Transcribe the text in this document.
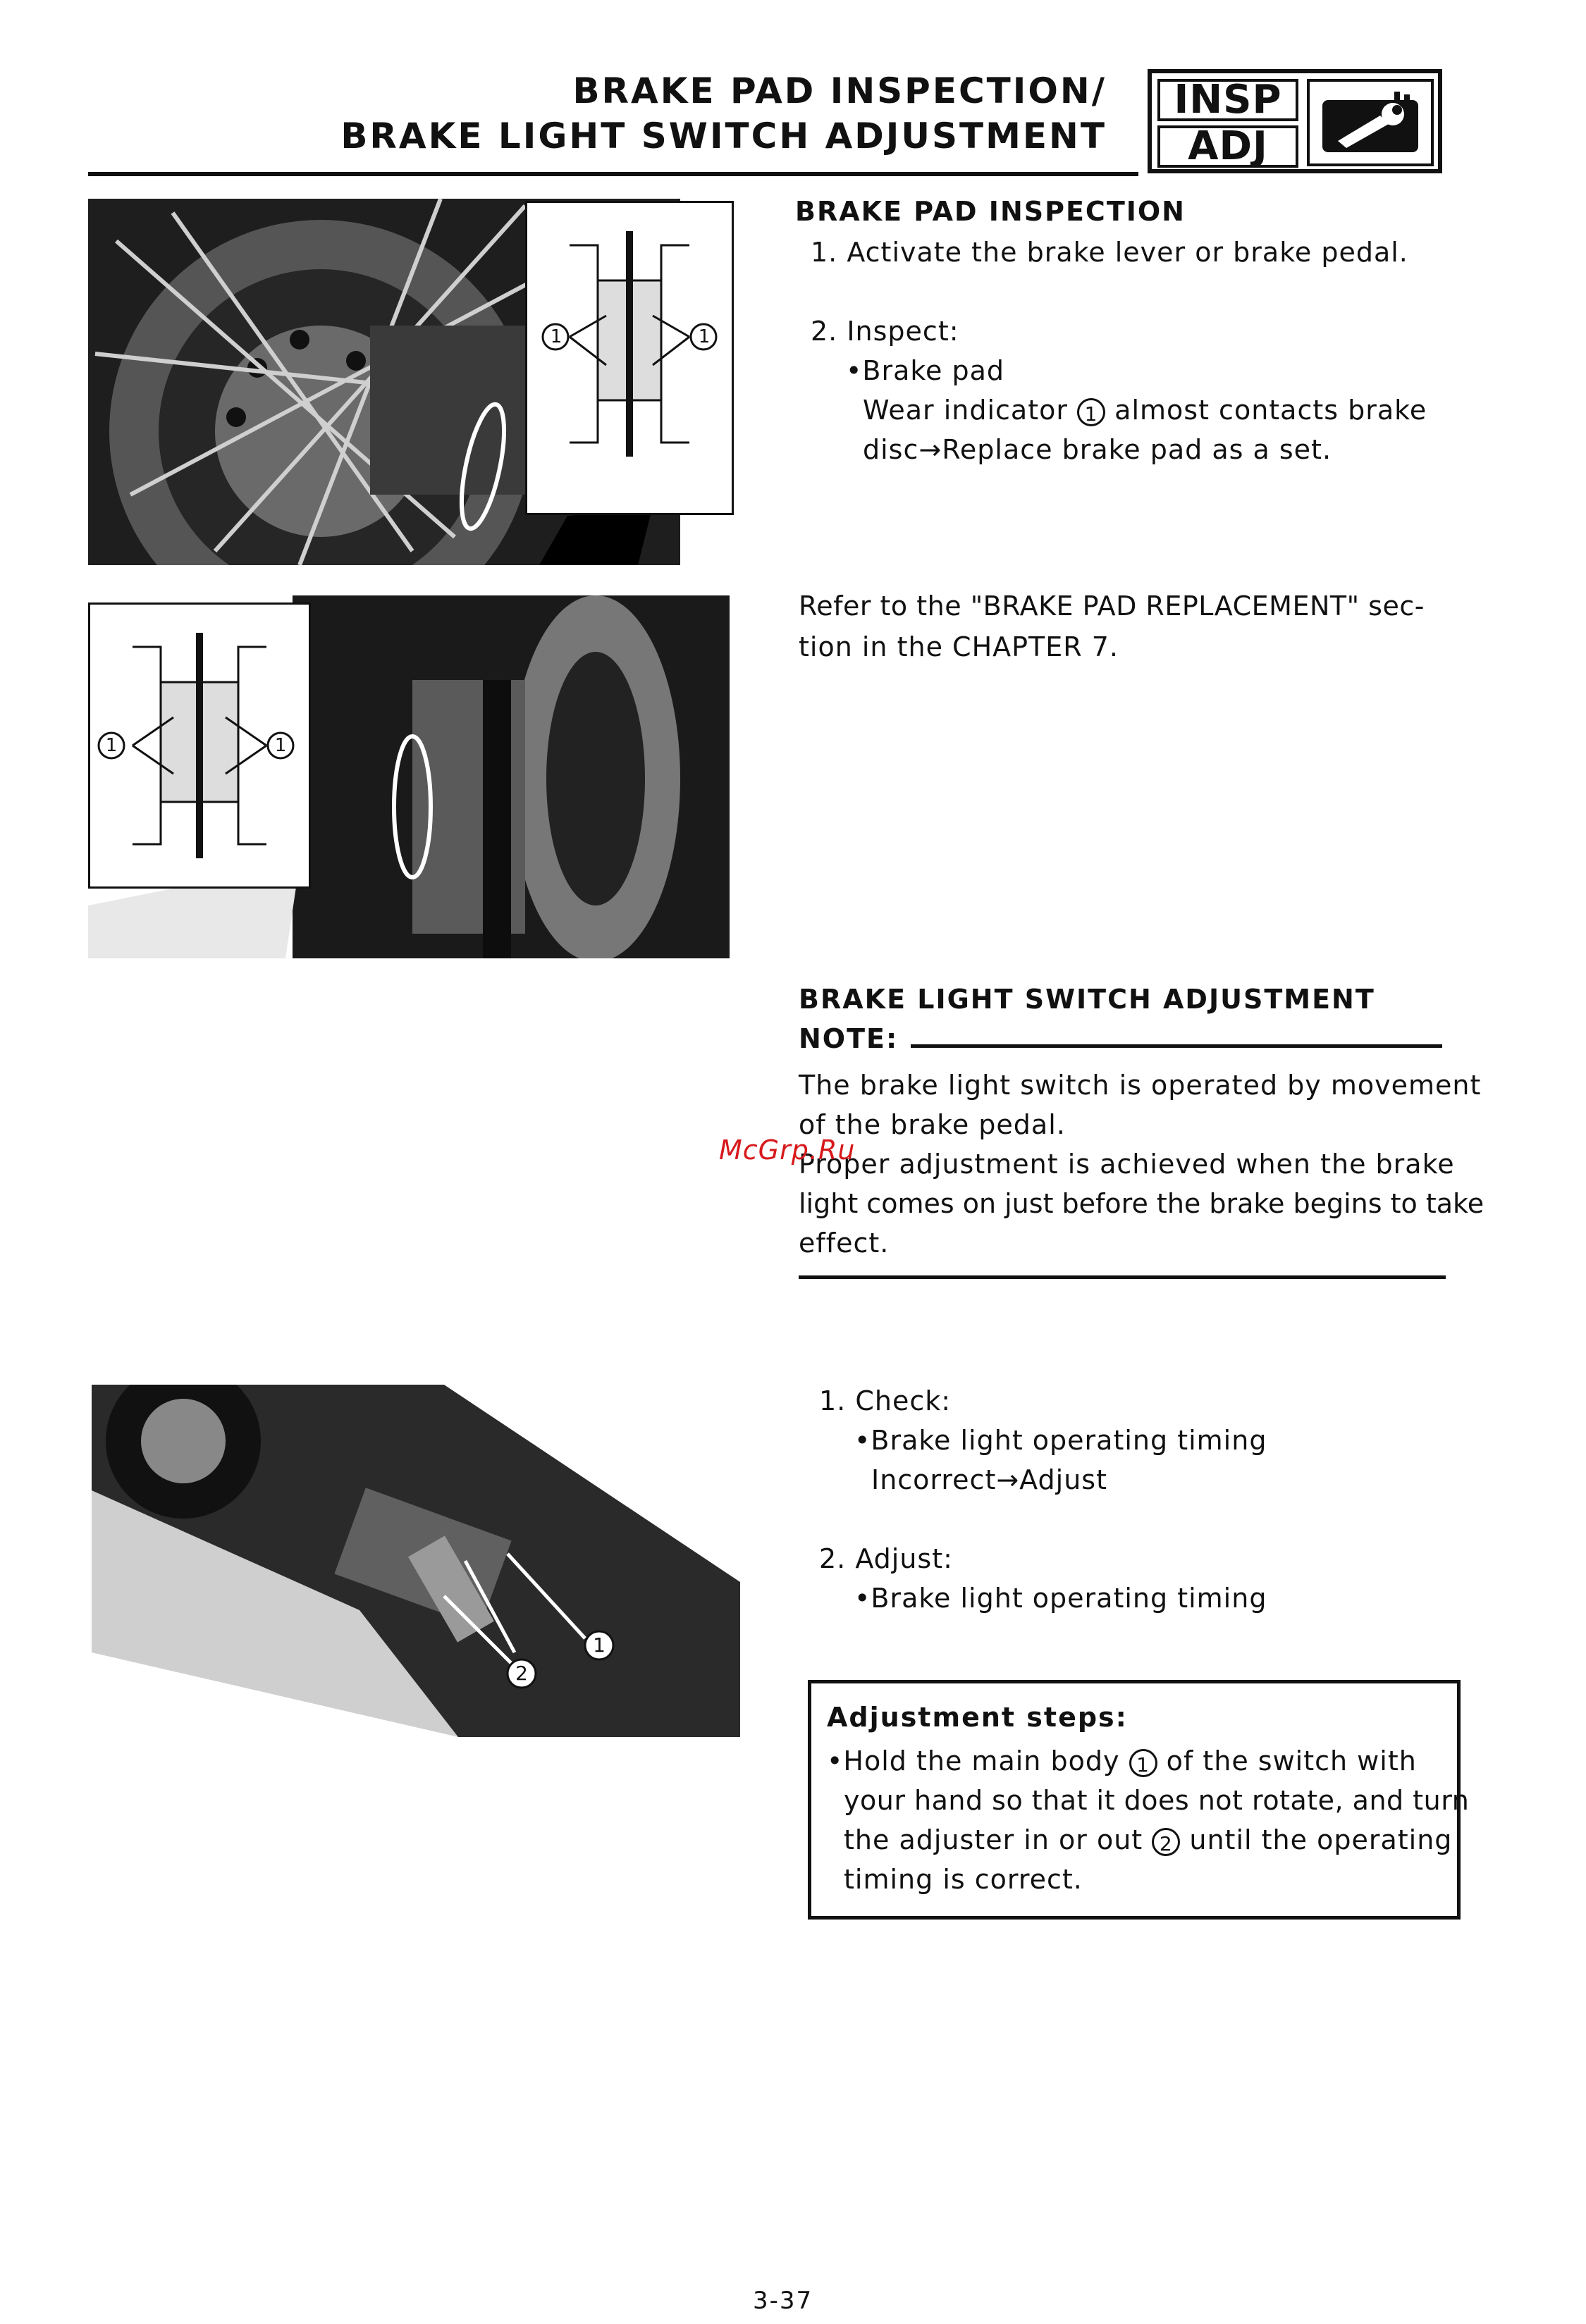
BRAKE PAD INSPECTION/
BRAKE LIGHT SWITCH ADJUSTMENT
INSP
ADJ
1	1
1	1
1
2
BRAKE PAD INSPECTION
1. Activate the brake lever or brake pedal.
2. Inspect:
•Brake pad
Wear indicator 1 almost contacts brake
disc→Replace brake pad as a set.
Refer to the "BRAKE PAD REPLACEMENT" sec-
tion in the CHAPTER 7.
BRAKE LIGHT SWITCH ADJUSTMENT
NOTE:
The brake light switch is operated by movement
of the brake pedal.
Proper adjustment is achieved when the brake
light comes on just before the brake begins to take
effect.
McGrp.Ru
1. Check:
•Brake light operating timing
Incorrect→Adjust
2. Adjust:
•Brake light operating timing
Adjustment steps:
•Hold the main body 1 of the switch with
your hand so that it does not rotate, and turn
the adjuster in or out 2 until the operating
timing is correct.
3-37
